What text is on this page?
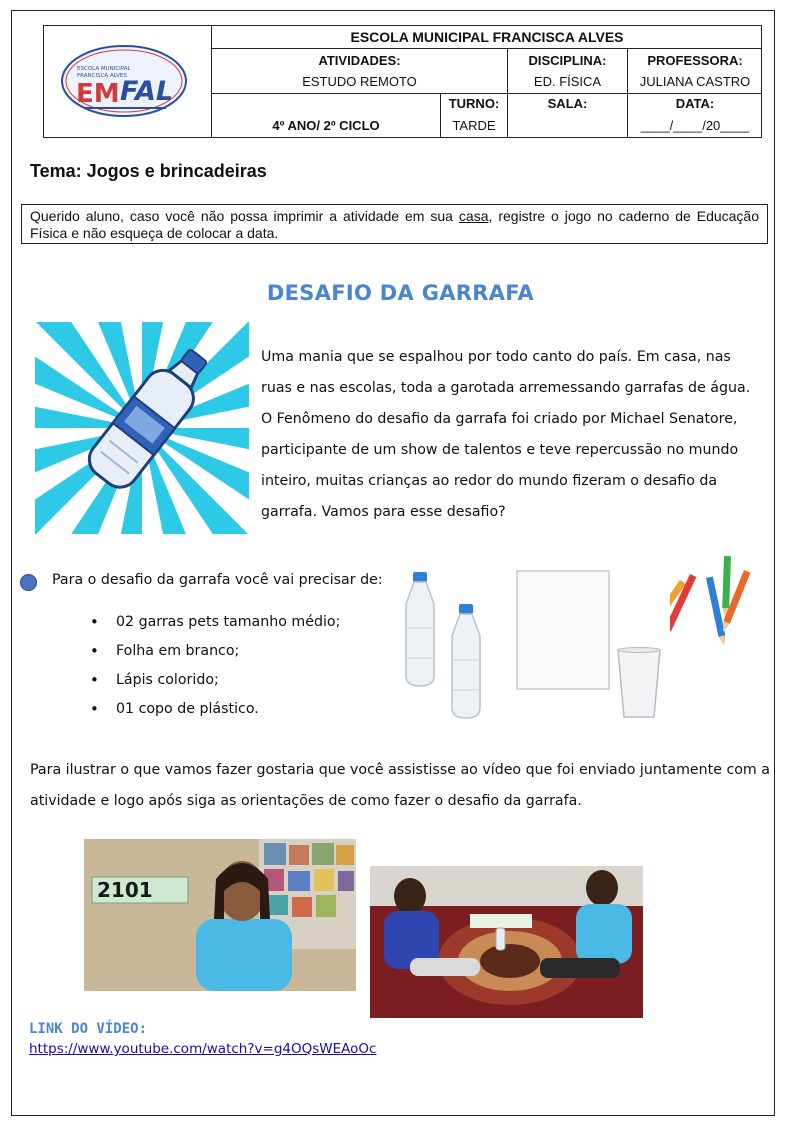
ESCOLA MUNICIPAL
FRANCISCA ALVES
EM FAL
ESCOLA MUNICIPAL FRANCISCA ALVES
ATIVIDADES:
ESTUDO REMOTO
DISCIPLINA:
ED. FÍSICA
PROFESSORA:
JULIANA CASTRO
4º ANO/ 2º CICLO
TURNO:
TARDE
SALA:	DATA:
____/____/20____
Tema: Jogos e brincadeiras
Querido aluno, caso você não possa imprimir a atividade em sua casa, registre o jogo no caderno de Educação Física e não esqueça de colocar a data.
DESAFIO DA GARRAFA

Uma mania que se espalhou por todo canto do país. Em casa, nas ruas e nas escolas, toda a garotada arremessando garrafas de água.

O Fenômeno do desafio da garrafa foi criado por Michael Senatore, participante de um show de talentos e teve repercussão no mundo inteiro, muitas crianças ao redor do mundo fizeram o desafio da garrafa. Vamos para esse desafio?

Para o desafio da garrafa você vai precisar de:
• 02 garras pets tamanho médio;
• Folha em branco;
• Lápis colorido;
• 01 copo de plástico.
Para ilustrar o que vamos fazer gostaria que você assistisse ao vídeo que foi enviado juntamente com a atividade e logo após siga as orientações de como fazer o desafio da garrafa.
2101
LINK DO VÍDEO:
https://www.youtube.com/watch?v=g4OQsWEAoOc
